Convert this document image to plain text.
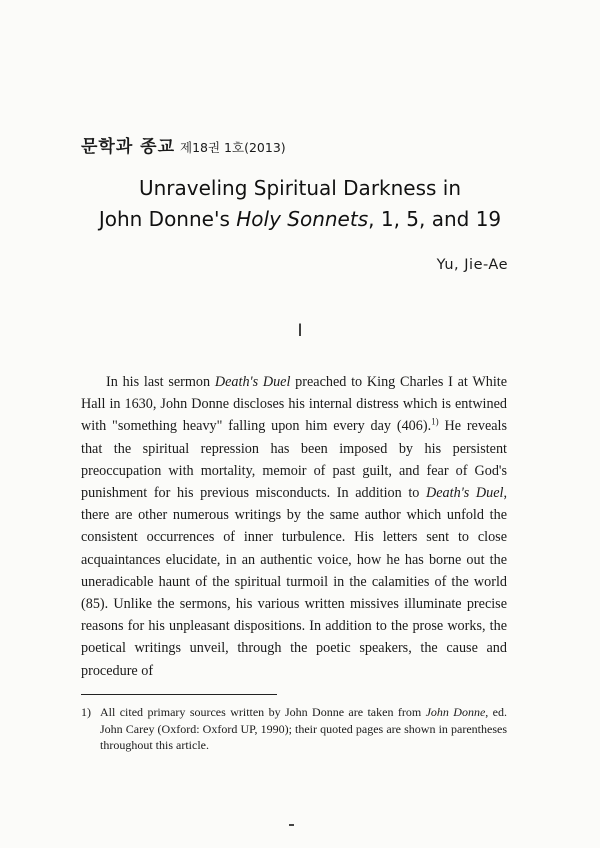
문학과 종교 제18권 1호(2013)
Unraveling Spiritual Darkness in
John Donne's Holy Sonnets, 1, 5, and 19
Yu, Jie-Ae
I

In his last sermon Death's Duel preached to King Charles I at White Hall in 1630, John Donne discloses his internal distress which is entwined with "something heavy" falling upon him every day (406).$^{1)}$ He reveals that the spiritual repression has been imposed by his persistent preoccupation with mortality, memoir of past guilt, and fear of God's punishment for his previous misconducts. In addition to Death's Duel, there are other numerous writings by the same author which unfold the consistent occurrences of inner turbulence. His letters sent to close acquaintances elucidate, in an authentic voice, how he has borne out the uneradicable haunt of the spiritual turmoil in the calamities of the world (85). Unlike the sermons, his various written missives illuminate precise reasons for his unpleasant dispositions. In addition to the prose works, the poetical writings unveil, through the poetic speakers, the cause and procedure of

1) All cited primary sources written by John Donne are taken from John Donne, ed. John Carey (Oxford: Oxford UP, 1990); their quoted pages are shown in parentheses throughout this article.
